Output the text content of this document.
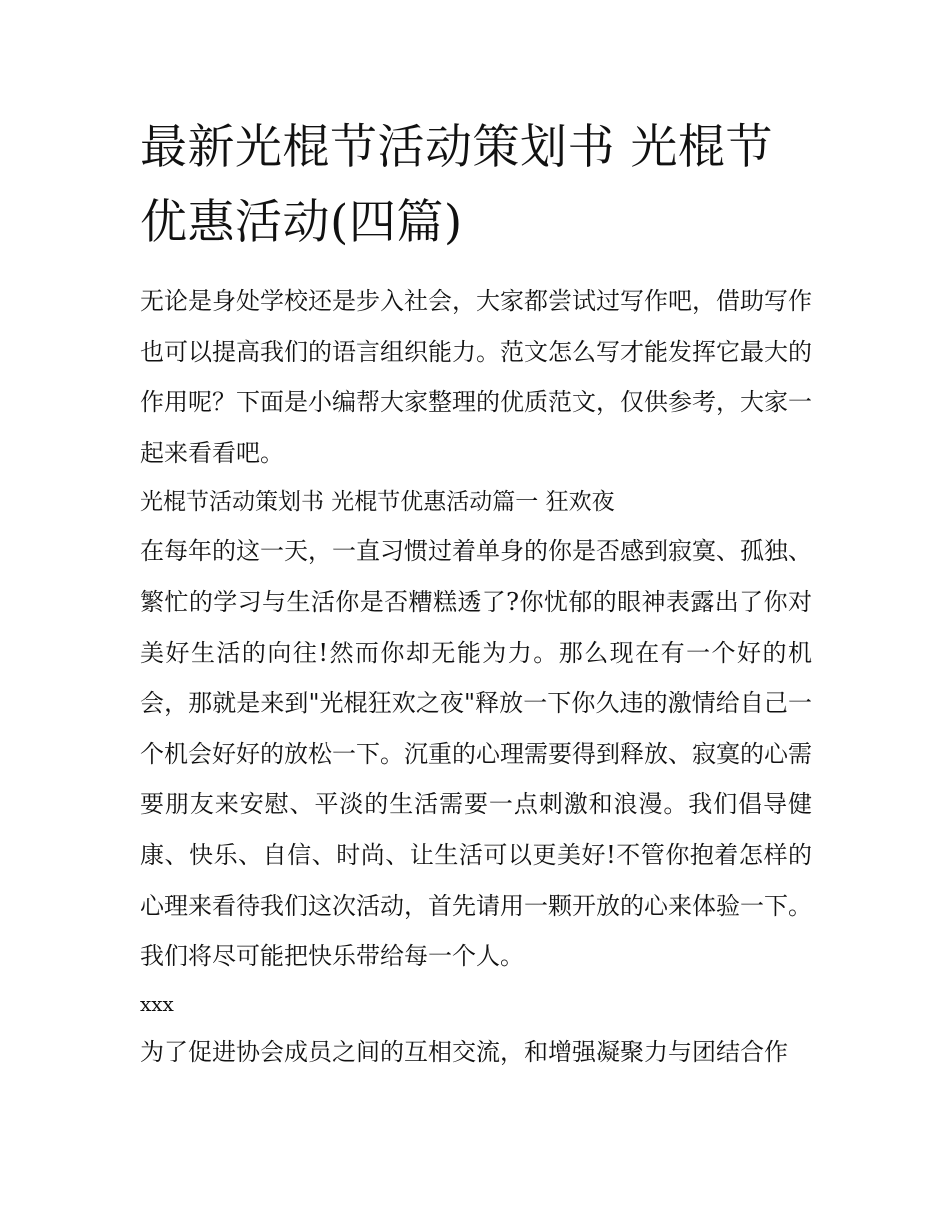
最新光棍节活动策划书 光棍节优惠活动(四篇)

无论是身处学校还是步入社会，大家都尝试过写作吧，借助写作也可以提高我们的语言组织能力。范文怎么写才能发挥它最大的作用呢？下面是小编帮大家整理的优质范文，仅供参考，大家一起来看看吧。

光棍节活动策划书 光棍节优惠活动篇一 狂欢夜

在每年的这一天，一直习惯过着单身的你是否感到寂寞、孤独、繁忙的学习与生活你是否糟糕透了?你忧郁的眼神表露出了你对美好生活的向往!然而你却无能为力。那么现在有一个好的机会，那就是来到"光棍狂欢之夜"释放一下你久违的激情给自己一个机会好好的放松一下。沉重的心理需要得到释放、寂寞的心需要朋友来安慰、平淡的生活需要一点刺激和浪漫。我们倡导健康、快乐、自信、时尚、让生活可以更美好!不管你抱着怎样的心理来看待我们这次活动，首先请用一颗开放的心来体验一下。我们将尽可能把快乐带给每一个人。

xxx

为了促进协会成员之间的互相交流，和增强凝聚力与团结合作
